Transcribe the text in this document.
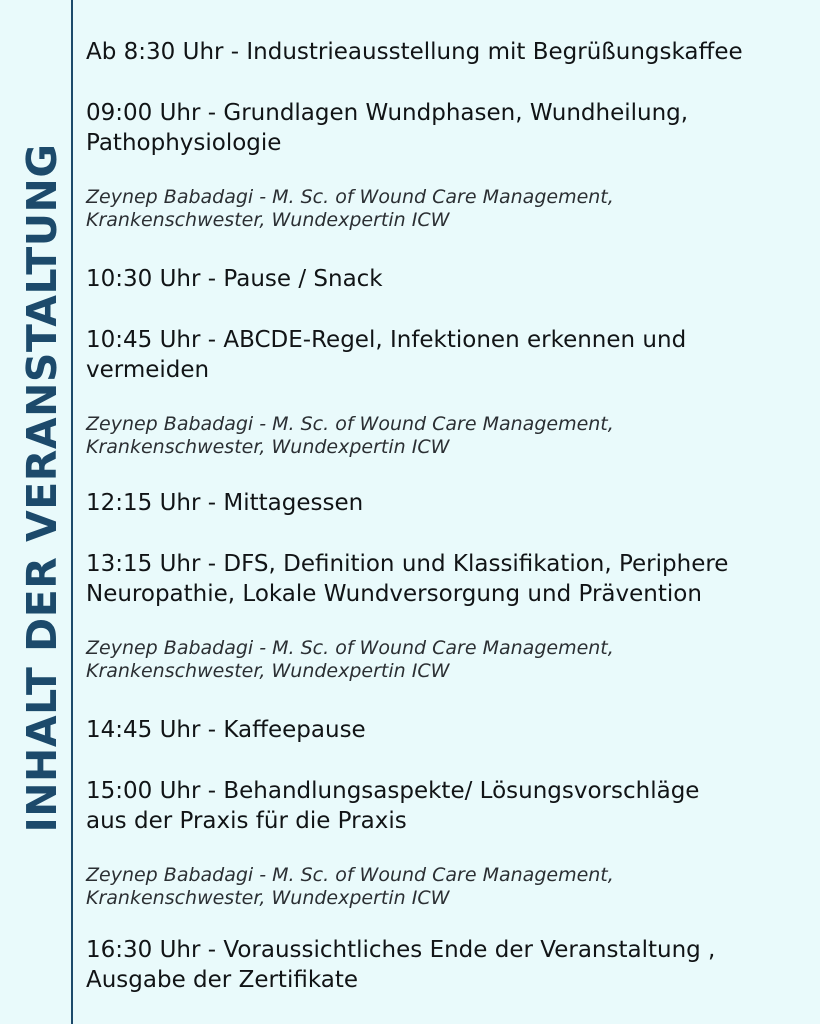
INHALT DER VERANSTALTUNG

Ab 8:30 Uhr - Industrieausstellung mit Begrüßungskaffee

09:00 Uhr - Grundlagen Wundphasen, Wundheilung,
Pathophysiologie

Zeynep Babadagi - M. Sc. of Wound Care Management,
Krankenschwester, Wundexpertin ICW

10:30 Uhr - Pause / Snack

10:45 Uhr - ABCDE-Regel, Infektionen erkennen und
vermeiden

Zeynep Babadagi - M. Sc. of Wound Care Management,
Krankenschwester, Wundexpertin ICW

12:15 Uhr - Mittagessen

13:15 Uhr - DFS, Definition und Klassifikation, Periphere
Neuropathie, Lokale Wundversorgung und Prävention

Zeynep Babadagi - M. Sc. of Wound Care Management,
Krankenschwester, Wundexpertin ICW

14:45 Uhr - Kaffeepause

15:00 Uhr - Behandlungsaspekte/ Lösungsvorschläge
aus der Praxis für die Praxis

Zeynep Babadagi - M. Sc. of Wound Care Management,
Krankenschwester, Wundexpertin ICW

16:30 Uhr - Voraussichtliches Ende der Veranstaltung ,
Ausgabe der Zertifikate
